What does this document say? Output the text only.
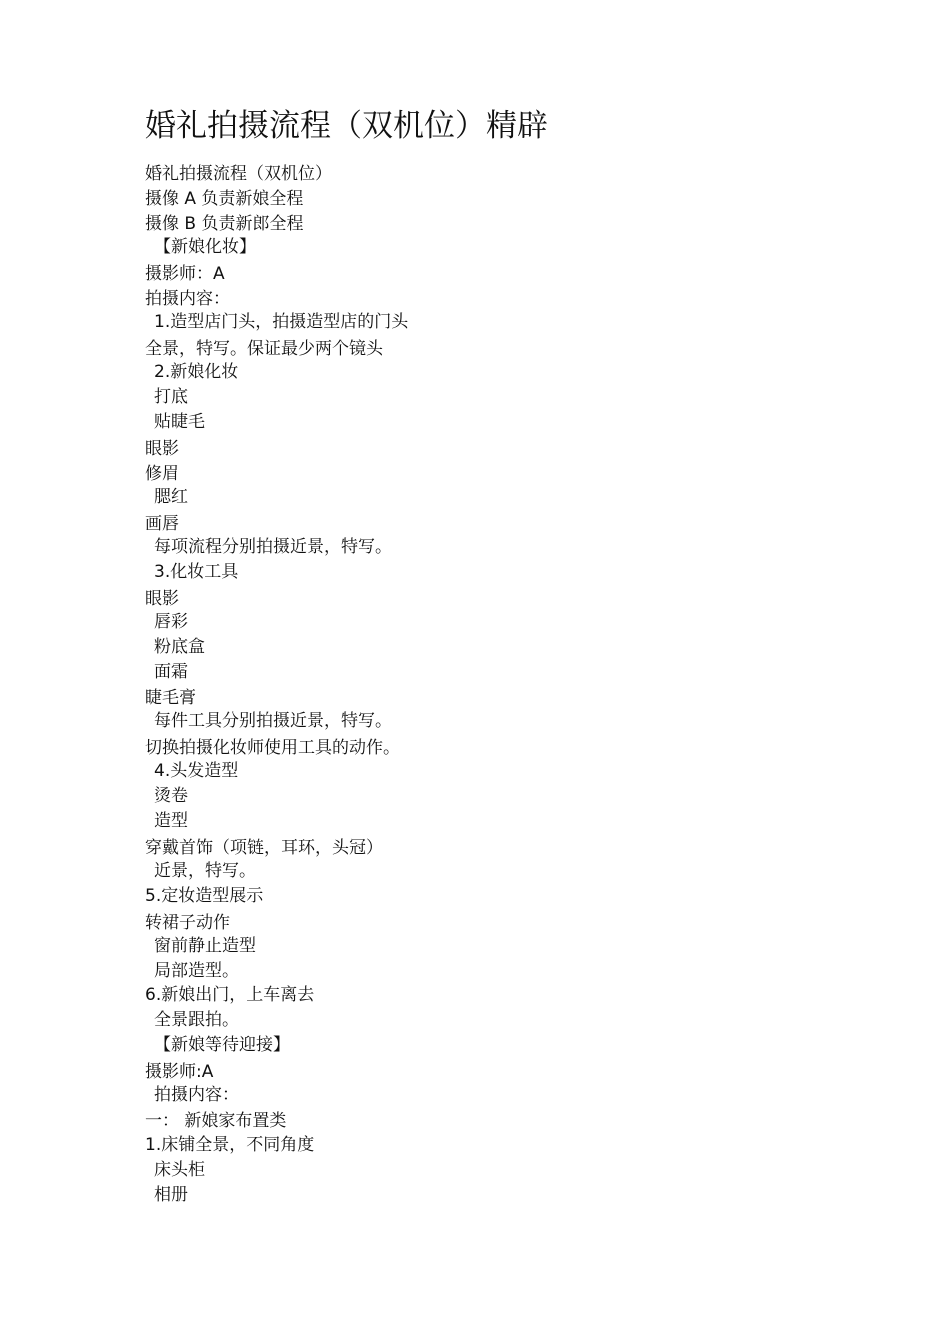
婚礼拍摄流程（双机位）精辟
婚礼拍摄流程（双机位）
摄像 A 负责新娘全程
摄像 B 负责新郎全程
【新娘化妆】
摄影师：A
拍摄内容：
1.造型店门头，拍摄造型店的门头
全景，特写。保证最少两个镜头
2.新娘化妆
打底
贴睫毛
眼影
修眉
腮红
画唇
每项流程分别拍摄近景，特写。
3.化妆工具
眼影
唇彩
粉底盒
面霜
睫毛膏
每件工具分别拍摄近景，特写。
切换拍摄化妆师使用工具的动作。
4.头发造型
烫卷
造型
穿戴首饰（项链，耳环，头冠）
近景，特写。
5.定妆造型展示
转裙子动作
窗前静止造型
局部造型。
6.新娘出门，上车离去
全景跟拍。
【新娘等待迎接】
摄影师:A
拍摄内容：
一： 新娘家布置类
1.床铺全景，不同角度
床头柜
相册
